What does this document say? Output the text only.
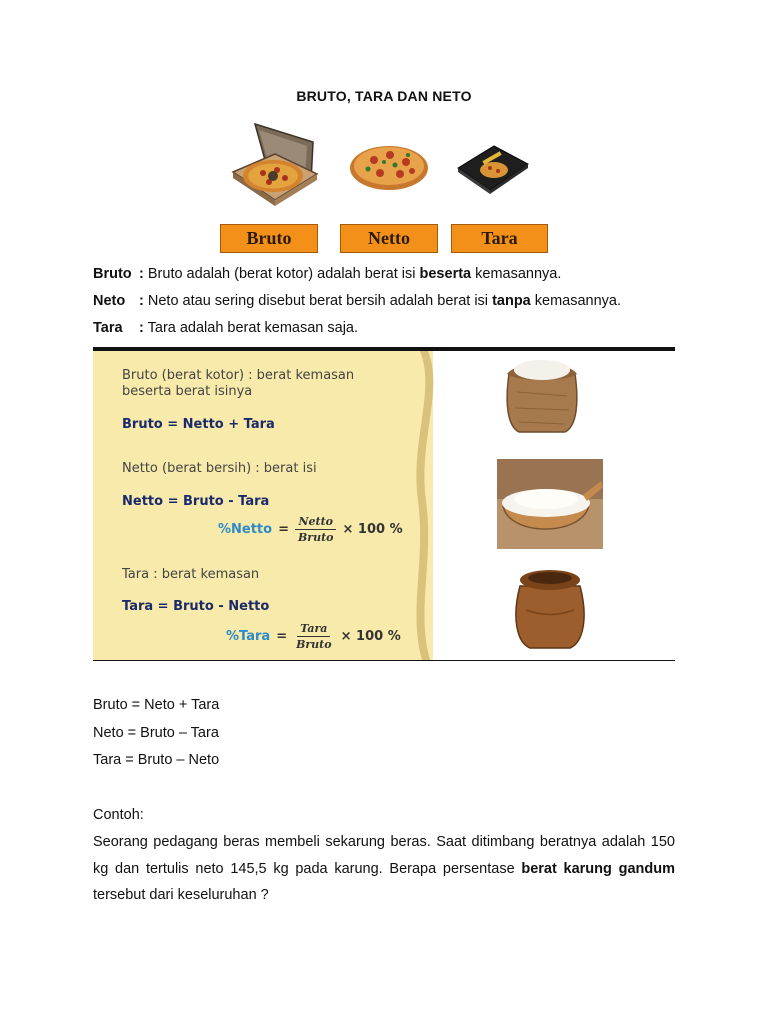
BRUTO, TARA DAN NETO
Bruto	Netto	Tara
Bruto : Bruto adalah (berat kotor) adalah berat isi beserta kemasannya.
Neto : Neto atau sering disebut berat bersih adalah berat isi tanpa kemasannya.
Tara : Tara adalah berat kemasan saja.
Bruto (berat kotor) : berat kemasan
beserta berat isinya
Bruto = Netto + Tara
Netto (berat bersih) : berat isi
Netto = Bruto - Tara
%Netto = $\frac{\text{Netto}}{\text{Bruto}} \times 100$ %
Tara : berat kemasan
Tara = Bruto - Netto
%Tara = $\frac{\text{Tara}}{\text{Bruto}} \times 100$ %
Bruto = Neto + Tara
Neto = Bruto – Tara
Tara = Bruto – Neto
Contoh:
Seorang pedagang beras membeli sekarung beras. Saat ditimbang beratnya adalah 150 kg dan tertulis neto 145,5 kg pada karung. Berapa persentase berat karung gandum tersebut dari keseluruhan ?
